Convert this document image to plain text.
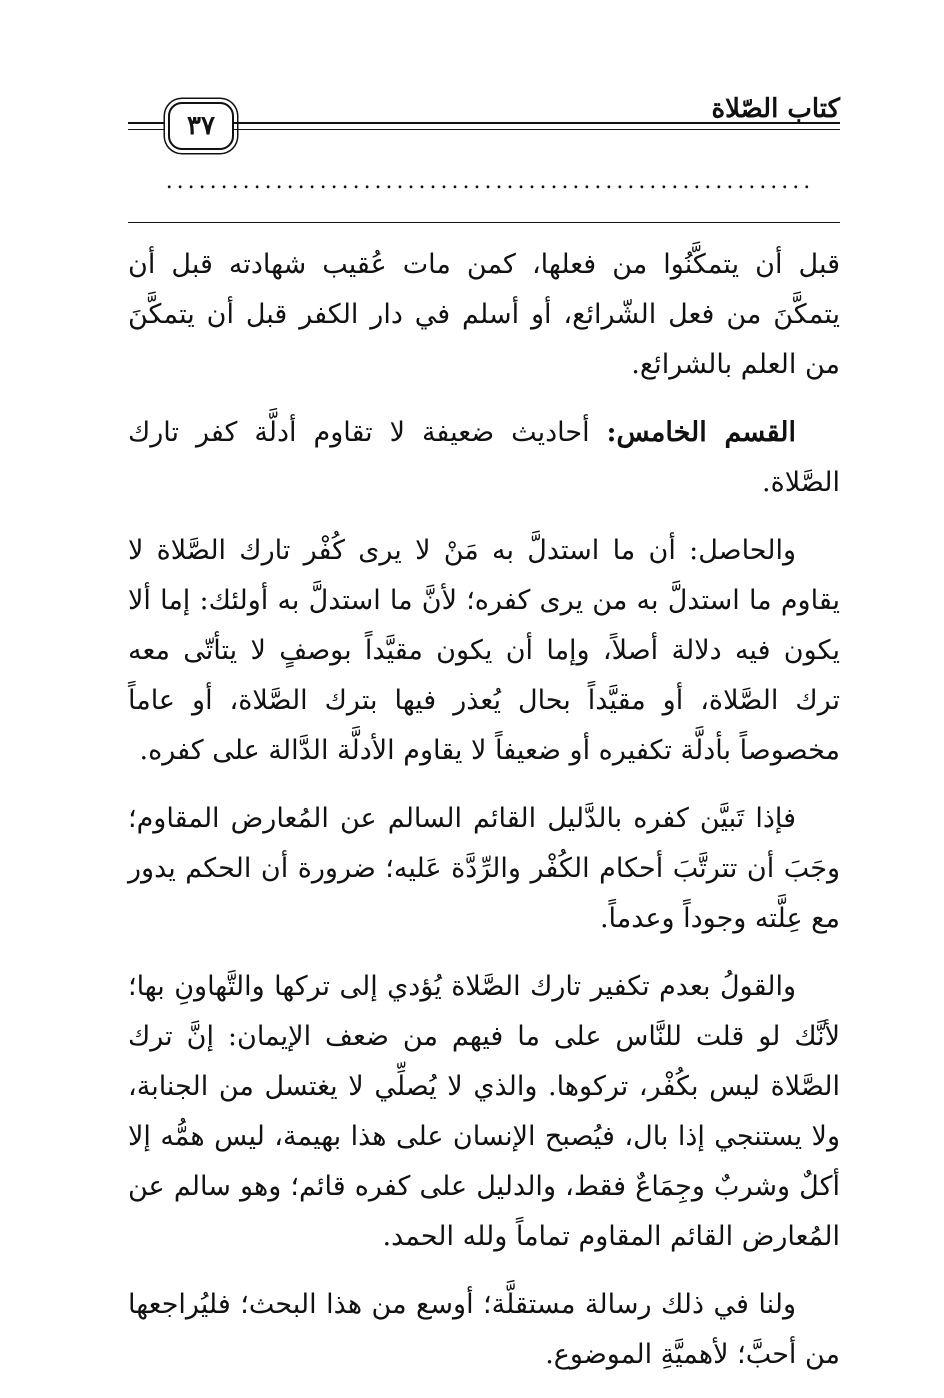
٣٧
كتاب الصّلاة
...........................................................

قبل أن يتمكَّنُوا من فعلها، كمن مات عُقيب شهادته قبل أن يتمكَّنَ من فعل الشّرائع، أو أسلم في دار الكفر قبل أن يتمكَّنَ من العلم بالشرائع.

القسم الخامس: أحاديث ضعيفة لا تقاوم أدلَّة كفر تارك الصَّلاة.

والحاصل: أن ما استدلَّ به مَنْ لا يرى كُفْر تارك الصَّلاة لا يقاوم ما استدلَّ به من يرى كفره؛ لأنَّ ما استدلَّ به أولئك: إما ألا يكون فيه دلالة أصلاً، وإما أن يكون مقيَّداً بوصفٍ لا يتأتّى معه ترك الصَّلاة، أو مقيَّداً بحال يُعذر فيها بترك الصَّلاة، أو عاماً مخصوصاً بأدلَّة تكفيره أو ضعيفاً لا يقاوم الأدلَّة الدَّالة على كفره.

فإذا تَبيَّن كفره بالدَّليل القائم السالم عن المُعارض المقاوم؛ وجَبَ أن تترتَّبَ أحكام الكُفْر والرِّدَّة عَليه؛ ضرورة أن الحكم يدور مع عِلَّته وجوداً وعدماً.

والقولُ بعدم تكفير تارك الصَّلاة يُؤدي إلى تركها والتَّهاونِ بها؛ لأنَّك لو قلت للنَّاس على ما فيهم من ضعف الإيمان: إنَّ ترك الصَّلاة ليس بكُفْر، تركوها. والذي لا يُصلِّي لا يغتسل من الجنابة، ولا يستنجي إذا بال، فيُصبح الإنسان على هذا بهيمة، ليس همُّه إلا أكلٌ وشربٌ وجِمَاعٌ فقط، والدليل على كفره قائم؛ وهو سالم عن المُعارض القائم المقاوم تماماً ولله الحمد.

ولنا في ذلك رسالة مستقلَّة؛ أوسع من هذا البحث؛ فليُراجعها من أحبَّ؛ لأهميَّةِ الموضوع.
